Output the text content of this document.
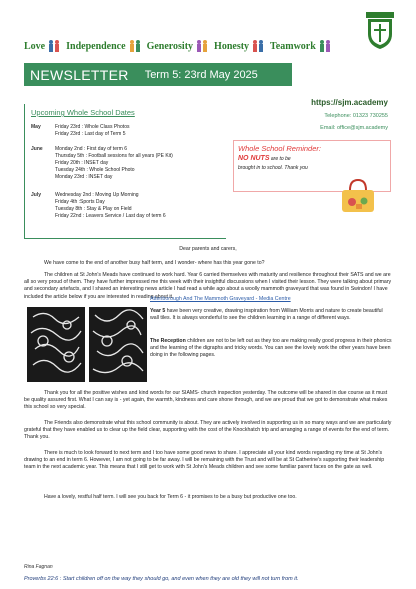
Love Independence Generosity Honesty Teamwork
NEWSLETTER Term 5: 23rd May 2025
Upcoming Whole School Dates
May	Friday 23rd : Whole Class Photos
Friday 23rd : Last day of Term 5
June	Monday 2nd : First day of term 6
Thursday 5th : Football sessions for all years (PE Kit)
Friday 20th : INSET day
Tuesday 24th : Whole School Photo
Monday 23rd : INSET day
July	Wednesday 2nd : Moving Up Morning
Friday 4th :Sports Day
Tuesday 8th : Stay & Play on Field
Friday 22nd : Leavers Service / Last day of term 6
https://sjm.academy
Telephone: 01323 730255
Email: office@sjm.academy
Whole School Reminder:
NO NUTS are to be
brought in to school. Thank you
Dear parents and carers,
We have come to the end of another busy half term, and I wonder- where has this year gone to?
The children at St John's Meads have continued to work hard. Year 6 carried themselves with maturity and resilience throughout their SATS and we are all so very proud of them. They have further impressed me this week with their insightful discussions when I visited their lesson. They were talking about primary and secondary artefacts, and I shared an interesting news article I had read a while ago about a woolly mammoth graveyard that was found in Swindon! I have included the article below if you are interested in reading about it.
Attenborough And The Mammoth Graveyard - Media Centre
Year 5 have been very creative, drawing inspiration from William Morris and nature to create beautiful wall tiles. It is always wonderful to see the children learning in a range of different ways.
The Reception children are not to be left out as they too are making really good progress in their phonics and the learning of the digraphs and tricky words. You can see the lovely work the other years have been doing in the following pages.
Thank you for all the positive wishes and kind words for our SIAMS- church inspection yesterday. The outcome will be shared in due course as it must be quality assured first. What I can say is - yet again, the warmth, kindness and care shone through, and we are proud that we got to demonstrate what makes this school so very special.
The Friends also demonstrate what this school community is about. They are actively involved in supporting us in so many ways and we are particularly grateful that they have enabled us to clear up the field clear, supporting with the cost of the Knockhatch trip and arranging a range of events for the end of term. Thank you.
There is much to look forward to next term and I too have some good news to share. I appreciate all your kind words regarding my time at St John's drawing to an end in term 6. However, I am not going to be far away. I will be remaining with the Trust and will be at St Catherine's supporting their leadership team in the next academic year. This means that I still get to work with St John's Meads children and see some familiar parent faces on the gate as well.
Have a lovely, restful half term. I will see you back for Term 6 - it promises to be a busy but productive one too.
Rina Fagnan
Proverbs 22:6 : Start children off on the way they should go, and even when they are old they will not turn from it.
